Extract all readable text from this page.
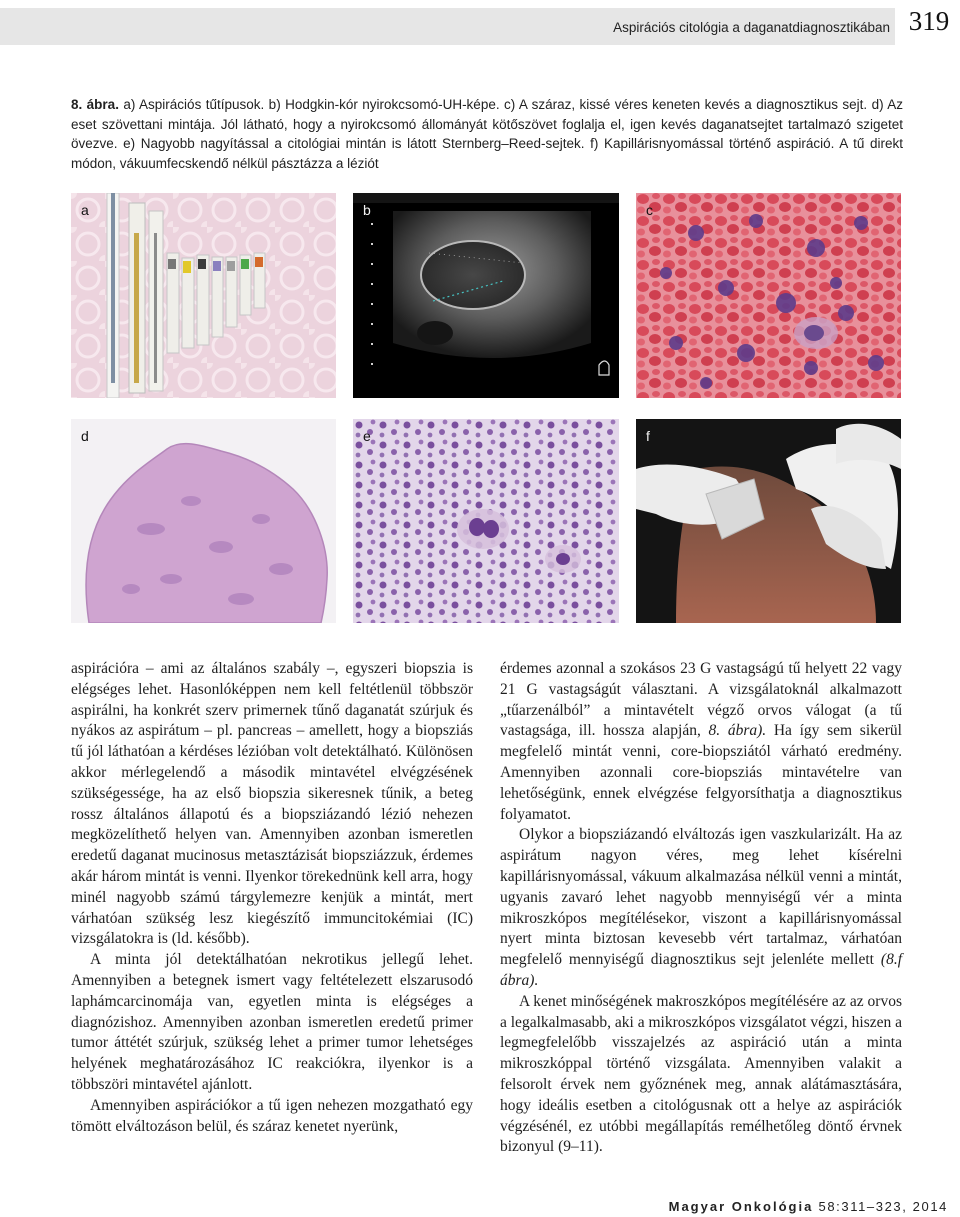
Aspirációs citológia a daganatdiagnosztikában 319
8. ábra. a) Aspirációs tűtípusok. b) Hodgkin-kór nyirokcsomó-UH-képe. c) A száraz, kissé véres keneten kevés a diagnosztikus sejt. d) Az eset szövettani mintája. Jól látható, hogy a nyirokcsomó állományát kötőszövet foglalja el, igen kevés daganatsejtet tartalmazó szigetet övezve. e) Nagyobb nagyítással a citológiai mintán is látott Sternberg–Reed-sejtek. f) Kapillárisnyomással történő aspiráció. A tű direkt módon, vákuumfecskendő nélkül pásztázza a léziót
a	b	c
d	e	f

aspirációra – ami az általános szabály –, egyszeri biopszia is elégséges lehet. Hasonlóképpen nem kell feltétlenül többször aspirálni, ha konkrét szerv primernek tűnő daganatát szúrjuk és nyákos az aspirátum – pl. pancreas – amellett, hogy a biopsziás tű jól láthatóan a kérdéses lézióban volt detektálható. Különösen akkor mérlegelendő a második mintavétel elvégzésének szükségessége, ha az első biopszia sikeresnek tűnik, a beteg rossz általános állapotú és a biopsziázandó lézió nehezen megközelíthető helyen van. Amennyiben azonban ismeretlen eredetű daganat mucinosus metasztázisát biopsziázzuk, érdemes akár három mintát is venni. Ilyenkor törekednünk kell arra, hogy minél nagyobb számú tárgylemezre kenjük a mintát, mert várhatóan szükség lesz kiegészítő immuncitokémiai (IC) vizsgálatokra is (ld. később).

A minta jól detektálhatóan nekrotikus jellegű lehet. Amennyiben a betegnek ismert vagy feltételezett elszarusodó laphámcarcinomája van, egyetlen minta is elégséges a diagnózishoz. Amennyiben azonban ismeretlen eredetű primer tumor áttétét szúrjuk, szükség lehet a primer tumor lehetséges helyének meghatározásához IC reakciókra, ilyenkor is a többszöri mintavétel ajánlott.

Amennyiben aspirációkor a tű igen nehezen mozgatható egy tömött elváltozáson belül, és száraz kenetet nyerünk,

érdemes azonnal a szokásos 23 G vastagságú tű helyett 22 vagy 21 G vastagságút választani. A vizsgálatoknál alkalmazott „tűarzenálból” a mintavételt végző orvos válogat (a tű vastagsága, ill. hossza alapján, 8. ábra). Ha így sem sikerül megfelelő mintát venni, core-biopsziától várható eredmény. Amennyiben azonnali core-biopsziás mintavételre van lehetőségünk, ennek elvégzése felgyorsíthatja a diagnosztikus folyamatot.

Olykor a biopsziázandó elváltozás igen vaszkularizált. Ha az aspirátum nagyon véres, meg lehet kísérelni kapillárisnyomással, vákuum alkalmazása nélkül venni a mintát, ugyanis zavaró lehet nagyobb mennyiségű vér a minta mikroszkópos megítélésekor, viszont a kapillárisnyomással nyert minta biztosan kevesebb vért tartalmaz, várhatóan megfelelő mennyiségű diagnosztikus sejt jelenléte mellett (8.f ábra).

A kenet minőségének makroszkópos megítélésére az az orvos a legalkalmasabb, aki a mikroszkópos vizsgálatot végzi, hiszen a legmegfelelőbb visszajelzés az aspiráció után a minta mikroszkóppal történő vizsgálata. Amennyiben valakit a felsorolt érvek nem győznének meg, annak alátámasztására, hogy ideális esetben a citológusnak ott a helye az aspirációk végzésénél, ez utóbbi megállapítás remélhetőleg döntő érvnek bizonyul (9–11).

Magyar Onkológia 58:311–323, 2014
